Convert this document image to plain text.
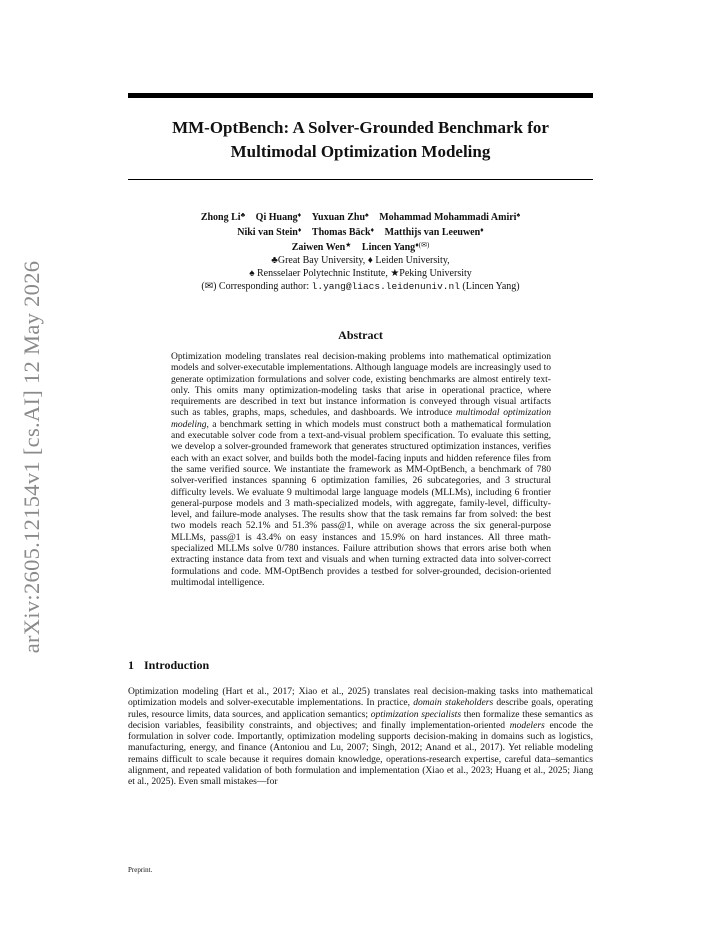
arXiv:2605.12154v1 [cs.AI] 12 May 2026
MM-OptBench: A Solver-Grounded Benchmark for
Multimodal Optimization Modeling
Zhong Li♣ Qi Huang♦ Yuxuan Zhu♠ Mohammad Mohammadi Amiri♠
Niki van Stein♦ Thomas Bäck♦ Matthijs van Leeuwen♦
Zaiwen Wen★ Lincen Yang♦(✉)
♣Great Bay University, ♦ Leiden University,
♠ Rensselaer Polytechnic Institute, ★Peking University
(✉) Corresponding author: l.yang@liacs.leidenuniv.nl (Lincen Yang)
Abstract

Optimization modeling translates real decision-making problems into mathematical optimization models and solver-executable implementations. Although language models are increasingly used to generate optimization formulations and solver code, existing benchmarks are almost entirely text-only. This omits many optimization-modeling tasks that arise in operational practice, where requirements are described in text but instance information is conveyed through visual artifacts such as tables, graphs, maps, schedules, and dashboards. We introduce multimodal optimization modeling, a benchmark setting in which models must construct both a mathematical formulation and executable solver code from a text-and-visual problem specification. To evaluate this setting, we develop a solver-grounded framework that generates structured optimization instances, verifies each with an exact solver, and builds both the model-facing inputs and hidden reference files from the same verified source. We instantiate the framework as MM-OptBench, a benchmark of 780 solver-verified instances spanning 6 optimization families, 26 subcategories, and 3 structural difficulty levels. We evaluate 9 multimodal large language models (MLLMs), including 6 frontier general-purpose models and 3 math-specialized models, with aggregate, family-level, difficulty-level, and failure-mode analyses. The results show that the task remains far from solved: the best two models reach 52.1% and 51.3% pass@1, while on average across the six general-purpose MLLMs, pass@1 is 43.4% on easy instances and 15.9% on hard instances. All three math-specialized MLLMs solve 0/780 instances. Failure attribution shows that errors arise both when extracting instance data from text and visuals and when turning extracted data into solver-correct formulations and code. MM-OptBench provides a testbed for solver-grounded, decision-oriented multimodal intelligence.

1 Introduction

Optimization modeling (Hart et al., 2017; Xiao et al., 2025) translates real decision-making tasks into mathematical optimization models and solver-executable implementations. In practice, domain stakeholders describe goals, operating rules, resource limits, data sources, and application semantics; optimization specialists then formalize these semantics as decision variables, feasibility constraints, and objectives; and finally implementation-oriented modelers encode the formulation in solver code. Importantly, optimization modeling supports decision-making in domains such as logistics, manufacturing, energy, and finance (Antoniou and Lu, 2007; Singh, 2012; Anand et al., 2017). Yet reliable modeling remains difficult to scale because it requires domain knowledge, operations-research expertise, careful data–semantics alignment, and repeated validation of both formulation and implementation (Xiao et al., 2023; Huang et al., 2025; Jiang et al., 2025). Even small mistakes—for

Preprint.
